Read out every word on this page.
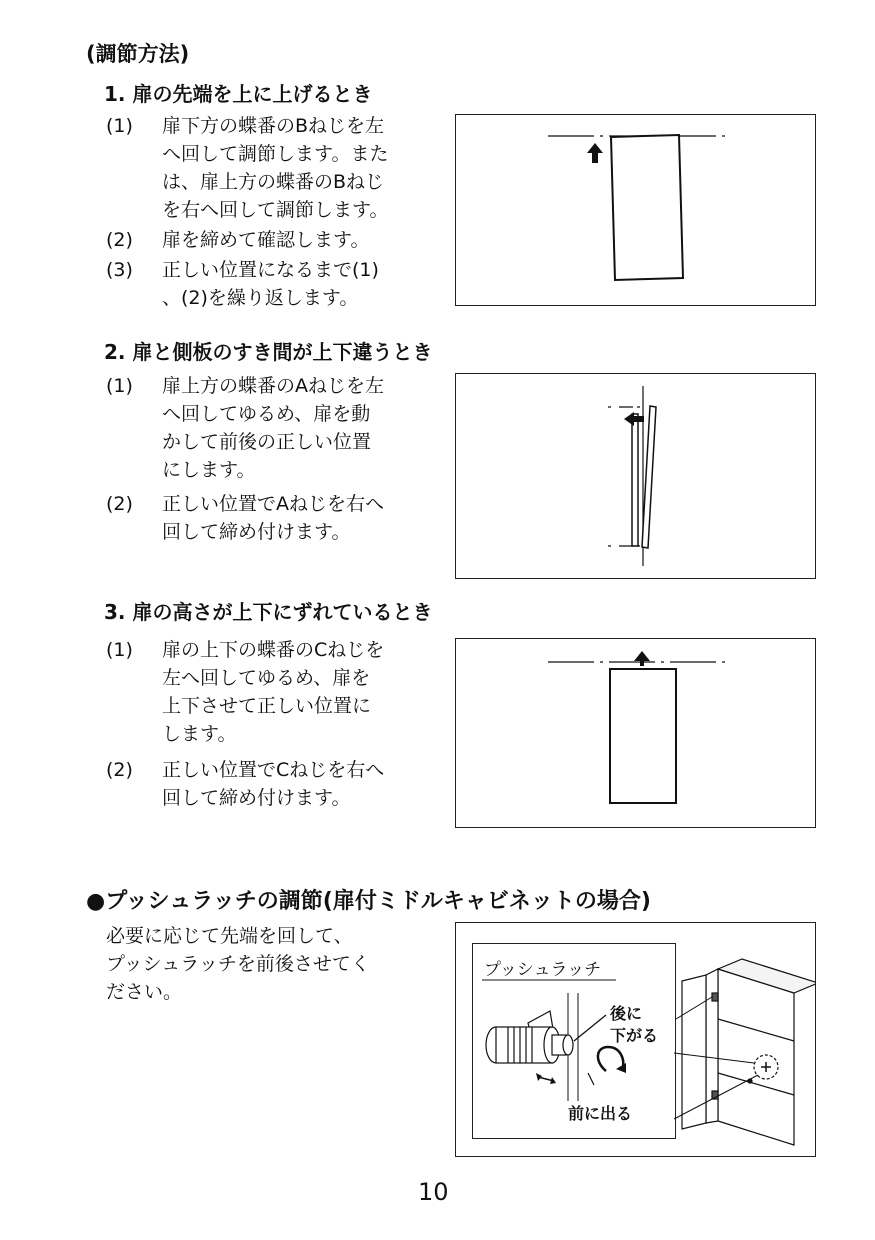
(調節方法)
1. 扉の先端を上に上げるとき
(1) 扉下方の蝶番のBねじを左
へ回して調節します。また
は、扉上方の蝶番のBねじ
を右へ回して調節します。
(2) 扉を締めて確認します。
(3) 正しい位置になるまで(1)
、(2)を繰り返します。
2. 扉と側板のすき間が上下違うとき
(1) 扉上方の蝶番のAねじを左
へ回してゆるめ、扉を動
かして前後の正しい位置
にします。
(2) 正しい位置でAねじを右へ
回して締め付けます。
3. 扉の高さが上下にずれているとき
(1) 扉の上下の蝶番のCねじを
左へ回してゆるめ、扉を
上下させて正しい位置に
します。
(2) 正しい位置でCねじを右へ
回して締め付けます。
●プッシュラッチの調節(扉付ミドルキャビネットの場合)
必要に応じて先端を回して、
プッシュラッチを前後させてく
ださい。
プッシュラッチ
後に
下がる
前に出る
10
